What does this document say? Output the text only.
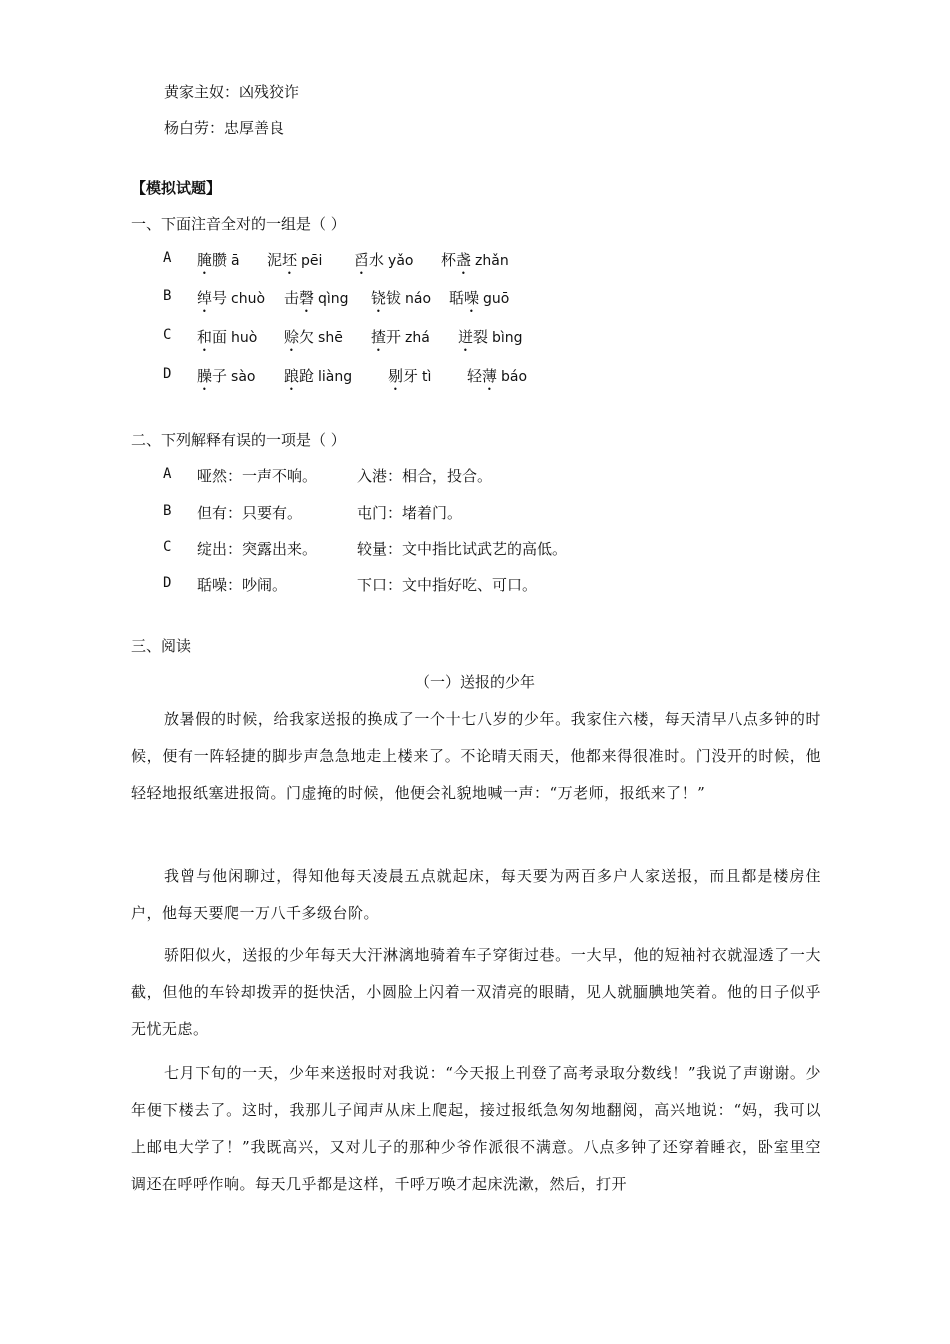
黄家主奴：凶残狡诈
杨白劳：忠厚善良
【模拟试题】
一、下面注音全对的一组是（ ）
A 腌臜 ā 泥坯 pēi 舀水 yǎo 杯盏 zhǎn
B 绰号 chuò 击磬 qìng 铙钹 náo 聒噪 guō
C 和面 huò 赊欠 shē 揸开 zhá 迸裂 bìng
D 臊子 sào 踉跄 liàng 剔牙 tì 轻薄 báo
二、下列解释有误的一项是（ ）
A 哑然：一声不响。	入港：相合，投合。
B 但有：只要有。	屯门：堵着门。
C 绽出：突露出来。	较量：文中指比试武艺的高低。
D 聒噪：吵闹。	下口：文中指好吃、可口。
三、阅读
（一）送报的少年
放暑假的时候，给我家送报的换成了一个十七八岁的少年。我家住六楼，每天清早八点多钟的时候，便有一阵轻捷的脚步声急急地走上楼来了。不论晴天雨天，他都来得很准时。门没开的时候，他轻轻地报纸塞进报筒。门虚掩的时候，他便会礼貌地喊一声：“万老师，报纸来了！”
我曾与他闲聊过，得知他每天凌晨五点就起床，每天要为两百多户人家送报，而且都是楼房住户，他每天要爬一万八千多级台阶。
骄阳似火，送报的少年每天大汗淋漓地骑着车子穿街过巷。一大早，他的短袖衬衣就湿透了一大截，但他的车铃却拨弄的挺快活，小圆脸上闪着一双清亮的眼睛，见人就腼腆地笑着。他的日子似乎无忧无虑。
七月下旬的一天，少年来送报时对我说：“今天报上刊登了高考录取分数线！”我说了声谢谢。少年便下楼去了。这时，我那儿子闻声从床上爬起，接过报纸急匆匆地翻阅，高兴地说：“妈，我可以上邮电大学了！”我既高兴，又对儿子的那种少爷作派很不满意。八点多钟了还穿着睡衣，卧室里空调还在呼呼作响。每天几乎都是这样，千呼万唤才起床洗漱，然后，打开
